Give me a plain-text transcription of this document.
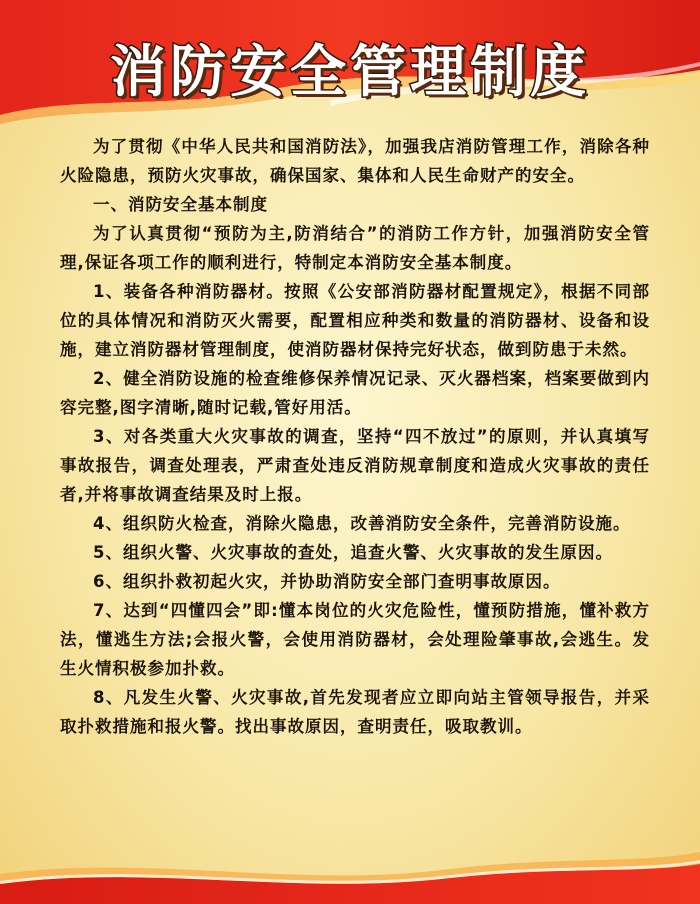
消防安全管理制度

为了贯彻《中华人民共和国消防法》，加强我店消防管理工作，消除各种火险隐患，预防火灾事故，确保国家、集体和人民生命财产的安全。

一、消防安全基本制度

为了认真贯彻“预防为主,防消结合”的消防工作方针，加强消防安全管理,保证各项工作的顺利进行，特制定本消防安全基本制度。

1、装备各种消防器材。按照《公安部消防器材配置规定》，根据不同部位的具体情况和消防灭火需要，配置相应种类和数量的消防器材、设备和设施，建立消防器材管理制度，使消防器材保持完好状态，做到防患于未然。

2、健全消防设施的检查维修保养情况记录、灭火器档案，档案要做到内容完整,图字清晰,随时记载,管好用活。

3、对各类重大火灾事故的调查，坚持“四不放过”的原则，并认真填写事故报告，调查处理表，严肃查处违反消防规章制度和造成火灾事故的责任者,并将事故调查结果及时上报。

4、组织防火检查，消除火隐患，改善消防安全条件，完善消防设施。

5、组织火警、火灾事故的查处，追查火警、火灾事故的发生原因。

6、组织扑救初起火灾，并协助消防安全部门查明事故原因。

7、达到“四懂四会”即:懂本岗位的火灾危险性，懂预防措施，懂补救方法，懂逃生方法;会报火警，会使用消防器材，会处理险肇事故,会逃生。发生火情积极参加扑救。

8、凡发生火警、火灾事故,首先发现者应立即向站主管领导报告，并采取扑救措施和报火警。找出事故原因，查明责任，吸取教训。
